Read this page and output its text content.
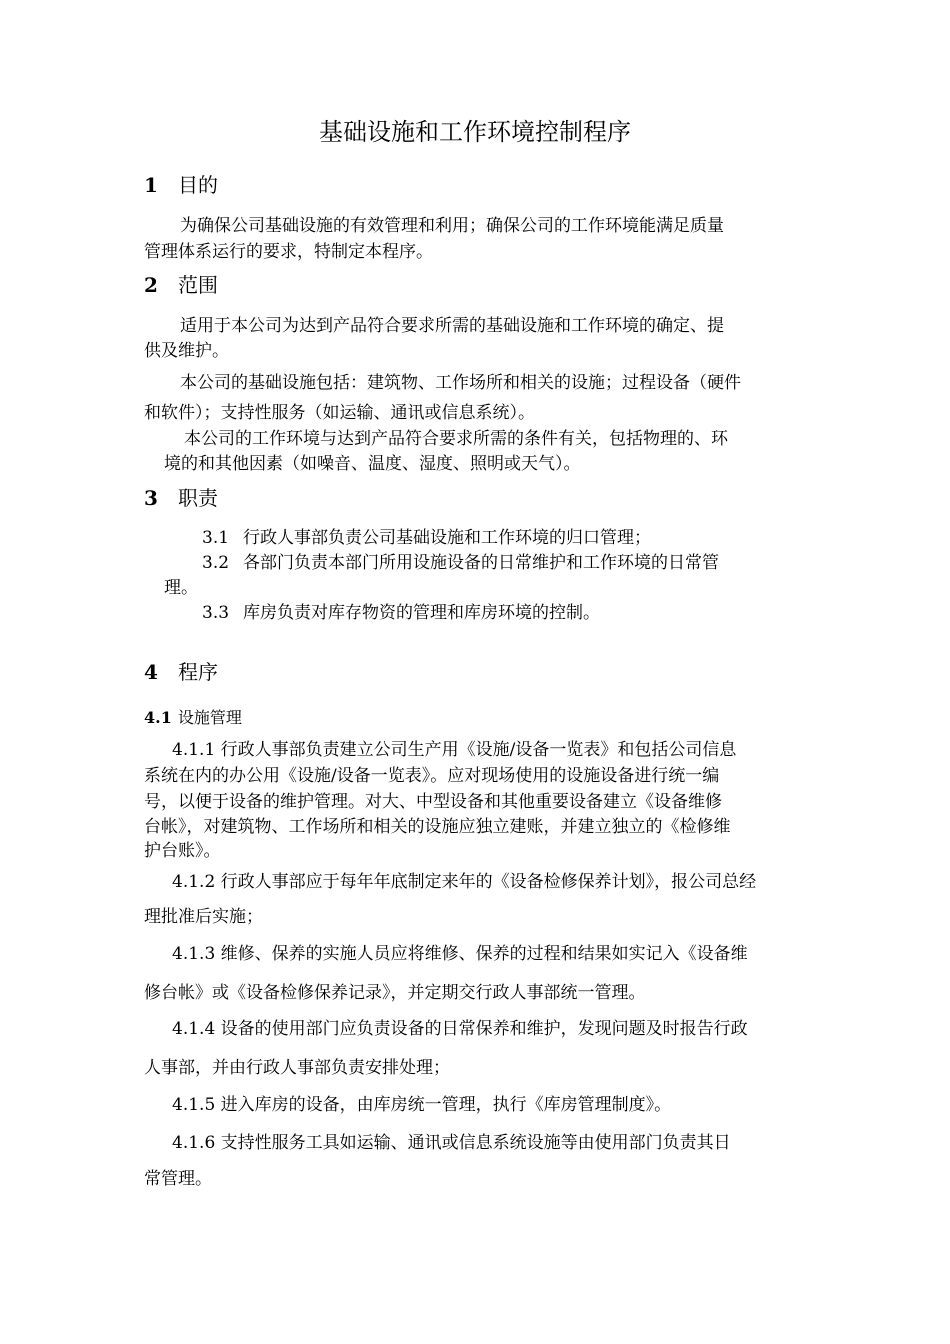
基础设施和工作环境控制程序
1 目的
为确保公司基础设施的有效管理和利用；确保公司的工作环境能满足质量
管理体系运行的要求，特制定本程序。
2 范围
适用于本公司为达到产品符合要求所需的基础设施和工作环境的确定、提
供及维护。
本公司的基础设施包括：建筑物、工作场所和相关的设施；过程设备（硬件
和软件）；支持性服务（如运输、通讯或信息系统）。
本公司的工作环境与达到产品符合要求所需的条件有关，包括物理的、环
境的和其他因素（如噪音、温度、湿度、照明或天气）。
3 职责
3.1 行政人事部负责公司基础设施和工作环境的归口管理；
3.2 各部门负责本部门所用设施设备的日常维护和工作环境的日常管
理。
3.3 库房负责对库存物资的管理和库房环境的控制。
4 程序
4.1 设施管理
4.1.1 行政人事部负责建立公司生产用《设施/设备一览表》和包括公司信息
系统在内的办公用《设施/设备一览表》。应对现场使用的设施设备进行统一编
号，以便于设备的维护管理。对大、中型设备和其他重要设备建立《设备维修
台帐》，对建筑物、工作场所和相关的设施应独立建账，并建立独立的《检修维
护台账》。
4.1.2 行政人事部应于每年年底制定来年的《设备检修保养计划》，报公司总经
理批准后实施；
4.1.3 维修、保养的实施人员应将维修、保养的过程和结果如实记入《设备维
修台帐》或《设备检修保养记录》，并定期交行政人事部统一管理。
4.1.4 设备的使用部门应负责设备的日常保养和维护，发现问题及时报告行政
人事部，并由行政人事部负责安排处理；
4.1.5 进入库房的设备，由库房统一管理，执行《库房管理制度》。
4.1.6 支持性服务工具如运输、通讯或信息系统设施等由使用部门负责其日
常管理。
